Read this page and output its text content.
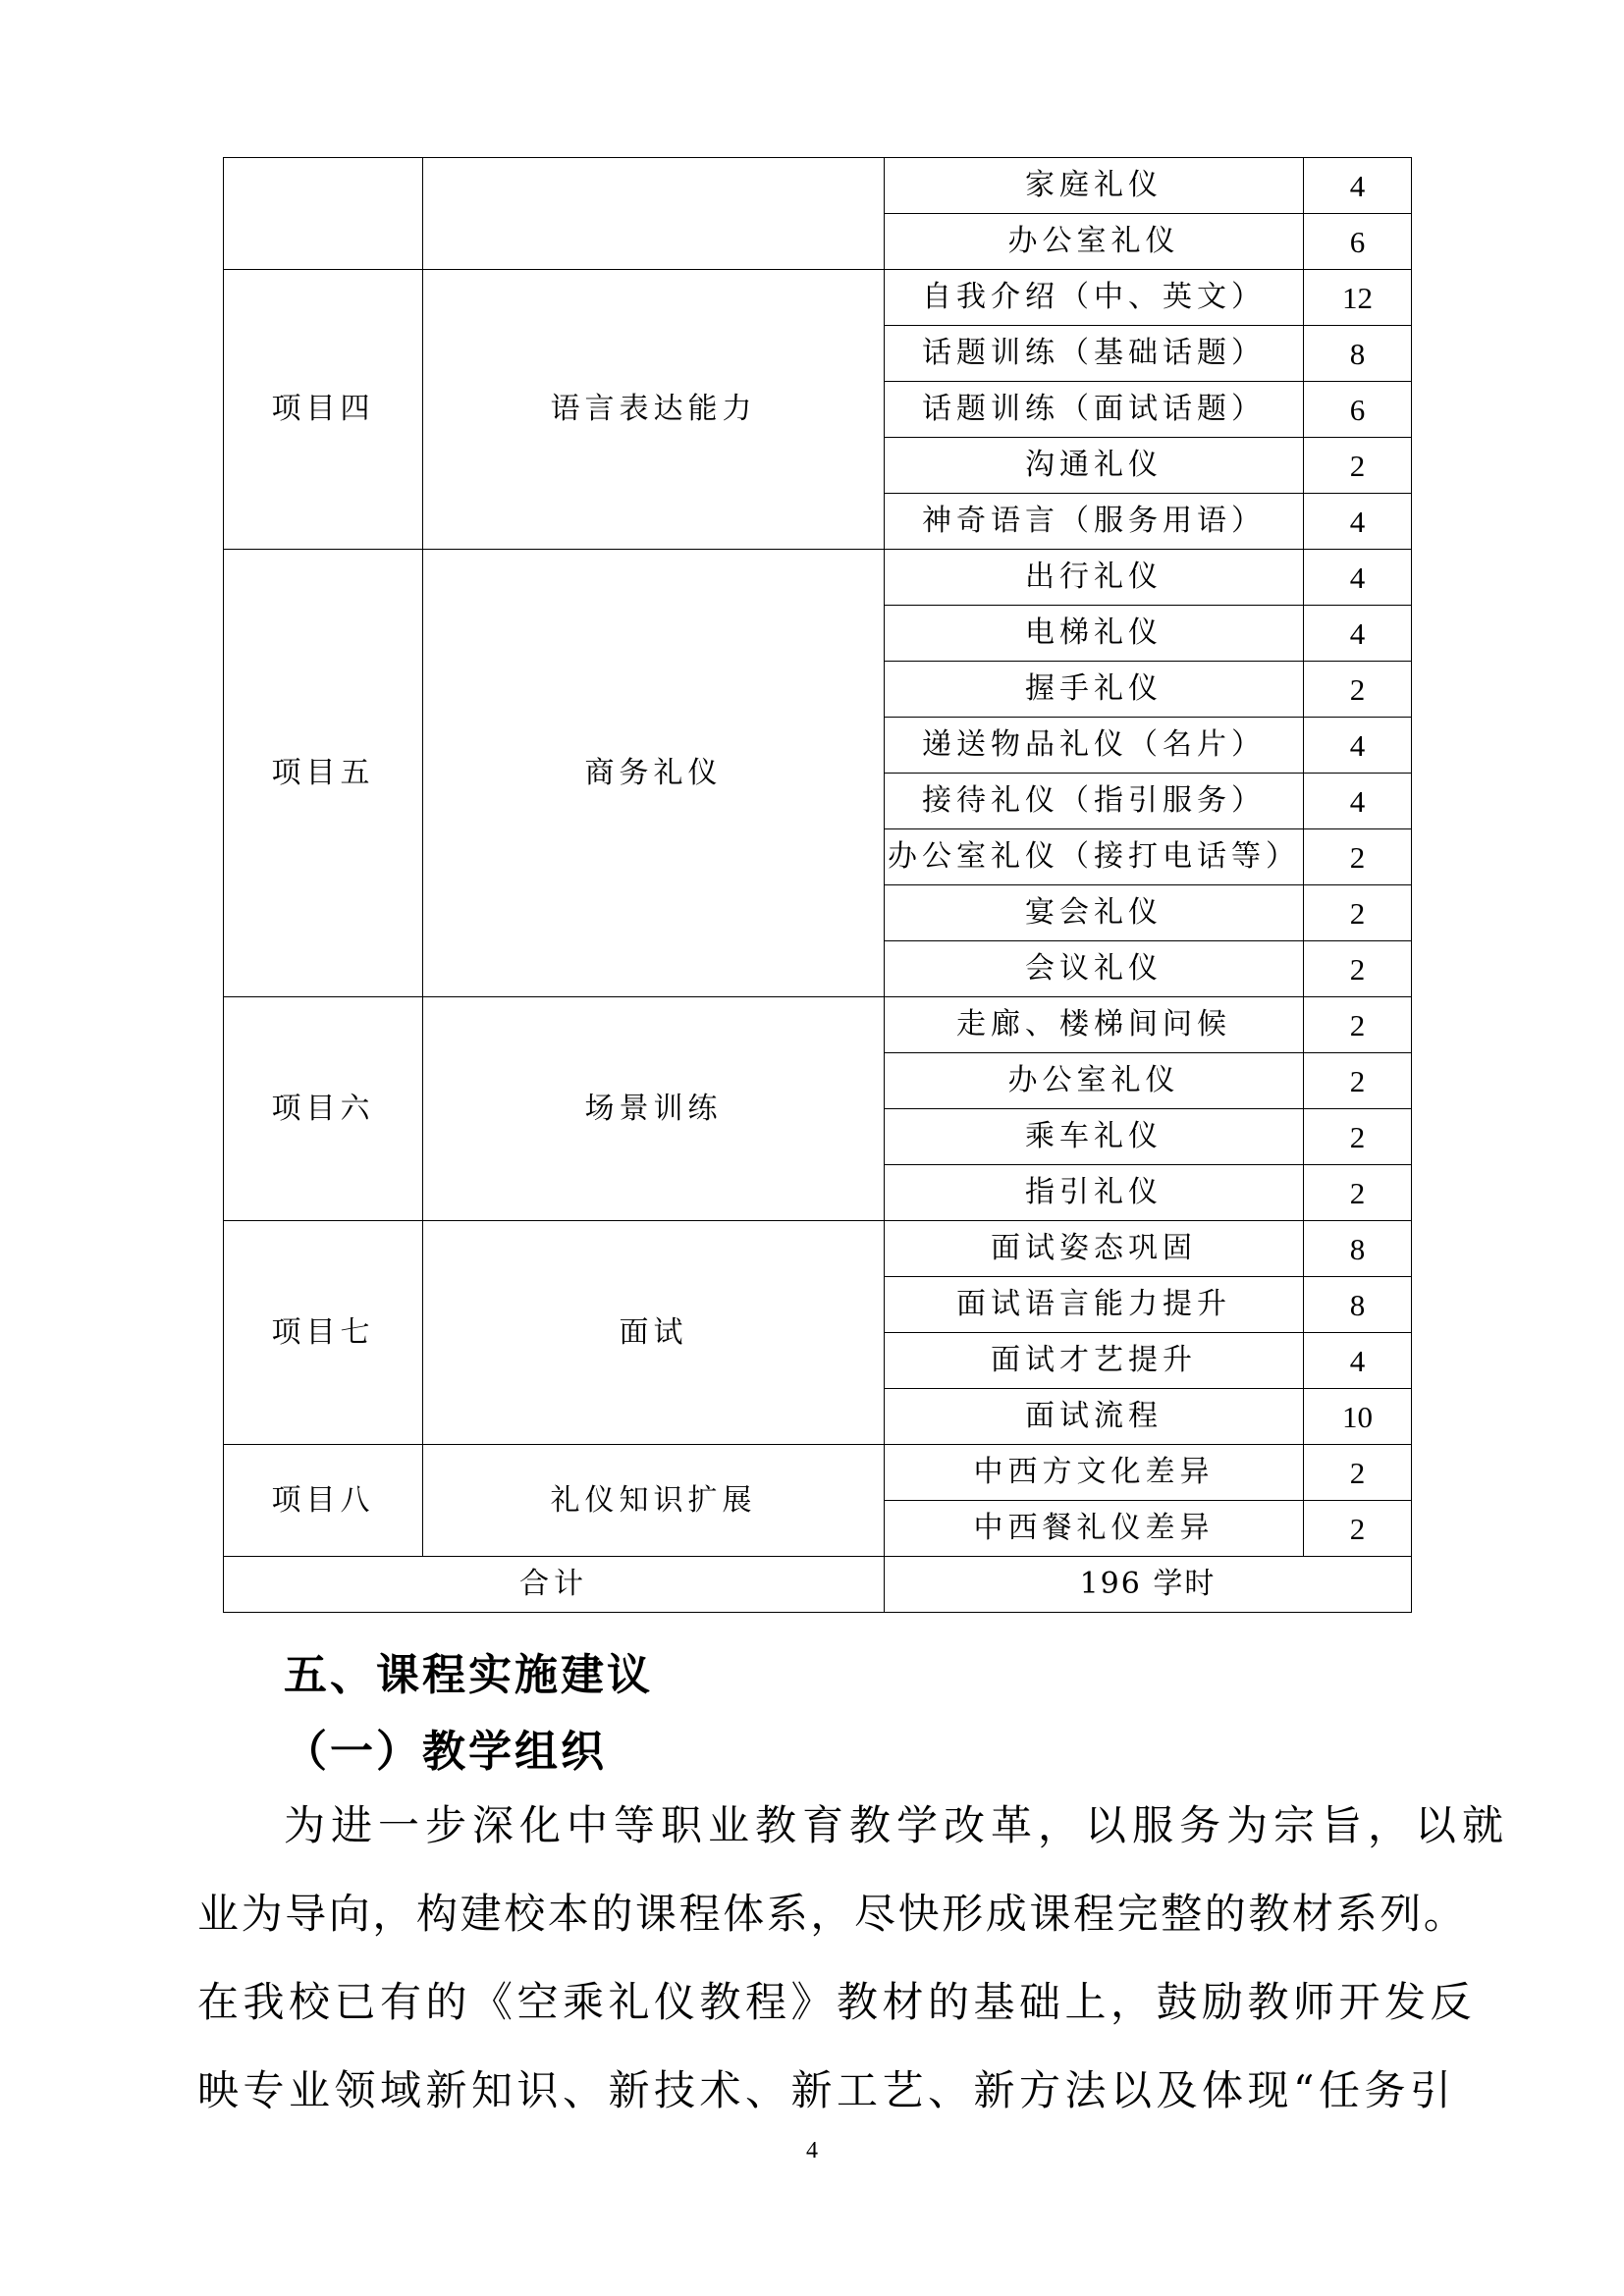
		家庭礼仪	4
		办公室礼仪	6
项目四	语言表达能力	自我介绍（中、英文）	12
		话题训练（基础话题）	8
		话题训练（面试话题）	6
		沟通礼仪	2
		神奇语言（服务用语）	4
项目五	商务礼仪	出行礼仪	4
		电梯礼仪	4
		握手礼仪	2
		递送物品礼仪（名片）	4
		接待礼仪（指引服务）	4
		办公室礼仪（接打电话等）	2
		宴会礼仪	2
		会议礼仪	2
项目六	场景训练	走廊、楼梯间问候	2
		办公室礼仪	2
		乘车礼仪	2
		指引礼仪	2
项目七	面试	面试姿态巩固	8
		面试语言能力提升	8
		面试才艺提升	4
		面试流程	10
项目八	礼仪知识扩展	中西方文化差异	2
		中西餐礼仪差异	2
合计		196 学时	
五、课程实施建议
（一）教学组织
为进一步深化中等职业教育教学改革，以服务为宗旨，以就
业为导向，构建校本的课程体系，尽快形成课程完整的教材系列。
在我校已有的《空乘礼仪教程》教材的基础上，鼓励教师开发反
映专业领域新知识、新技术、新工艺、新方法以及体现“任务引
4
